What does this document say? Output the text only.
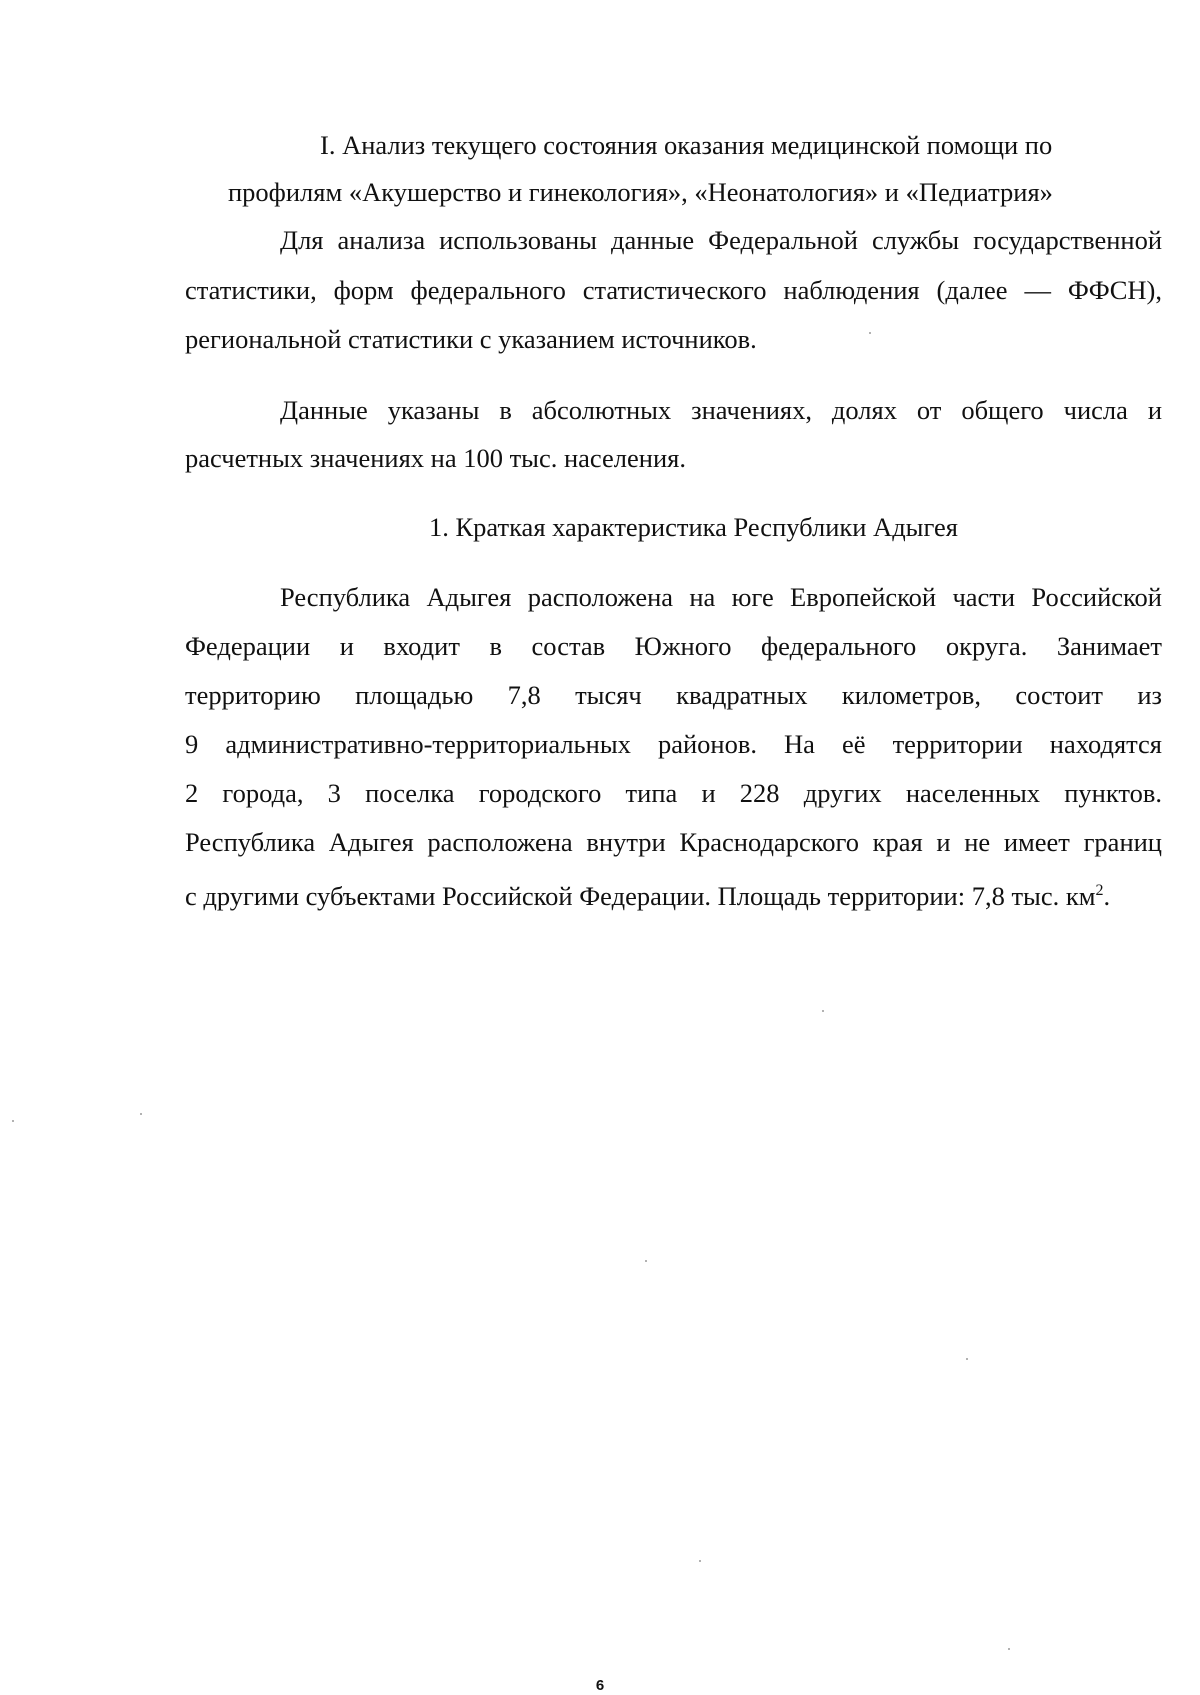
I. Анализ текущего состояния оказания медицинской помощи по

профилям «Акушерство и гинекология», «Неонатология» и «Педиатрия»

Для анализа использованы данные Федеральной службы государственной

статистики, форм федерального статистического наблюдения (далее — ФФСН),

региональной статистики с указанием источников.

Данные указаны в абсолютных значениях, долях от общего числа и

расчетных значениях на 100 тыс. населения.

1. Краткая характеристика Республики Адыгея

Республика Адыгея расположена на юге Европейской части Российской

Федерации и входит в состав Южного федерального округа. Занимает

территорию площадью 7,8 тысяч квадратных километров, состоит из

9 административно-территориальных районов. На её территории находятся

2 города, 3 поселка городского типа и 228 других населенных пунктов.

Республика Адыгея расположена внутри Краснодарского края и не имеет границ

с другими субъектами Российской Федерации. Площадь территории: 7,8 тыс. $км^2$.

6
